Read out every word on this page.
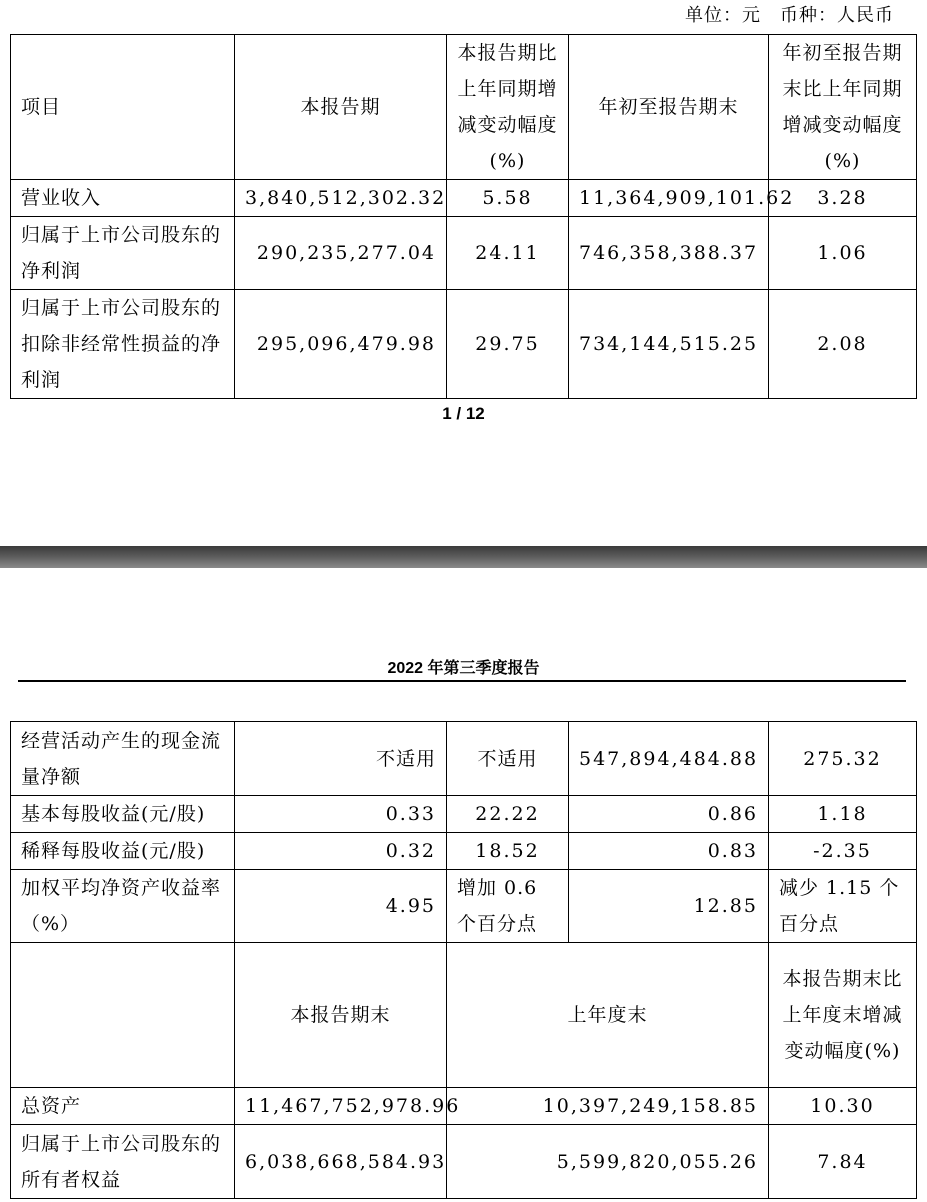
单位：元　币种：人民币
项目	本报告期	本报告期比上年同期增减变动幅度(%)	年初至报告期末	年初至报告期末比上年同期增减变动幅度(%)
营业收入	3,840,512,302.32	5.58	11,364,909,101.62	3.28
归属于上市公司股东的净利润	290,235,277.04	24.11	746,358,388.37	1.06
归属于上市公司股东的扣除非经常性损益的净利润	295,096,479.98	29.75	734,144,515.25	2.08
1 / 12
2022 年第三季度报告
经营活动产生的现金流量净额	不适用	不适用	547,894,484.88	275.32
基本每股收益(元/股)	0.33	22.22	0.86	1.18
稀释每股收益(元/股)	0.32	18.52	0.83	-2.35
加权平均净资产收益率（%）	4.95	增加 0.6 个百分点	12.85	减少 1.15 个百分点
	本报告期末	上年度末		本报告期末比上年度末增减变动幅度(%)
总资产	11,467,752,978.96	10,397,249,158.85		10.30
归属于上市公司股东的所有者权益	6,038,668,584.93	5,599,820,055.26		7.84
